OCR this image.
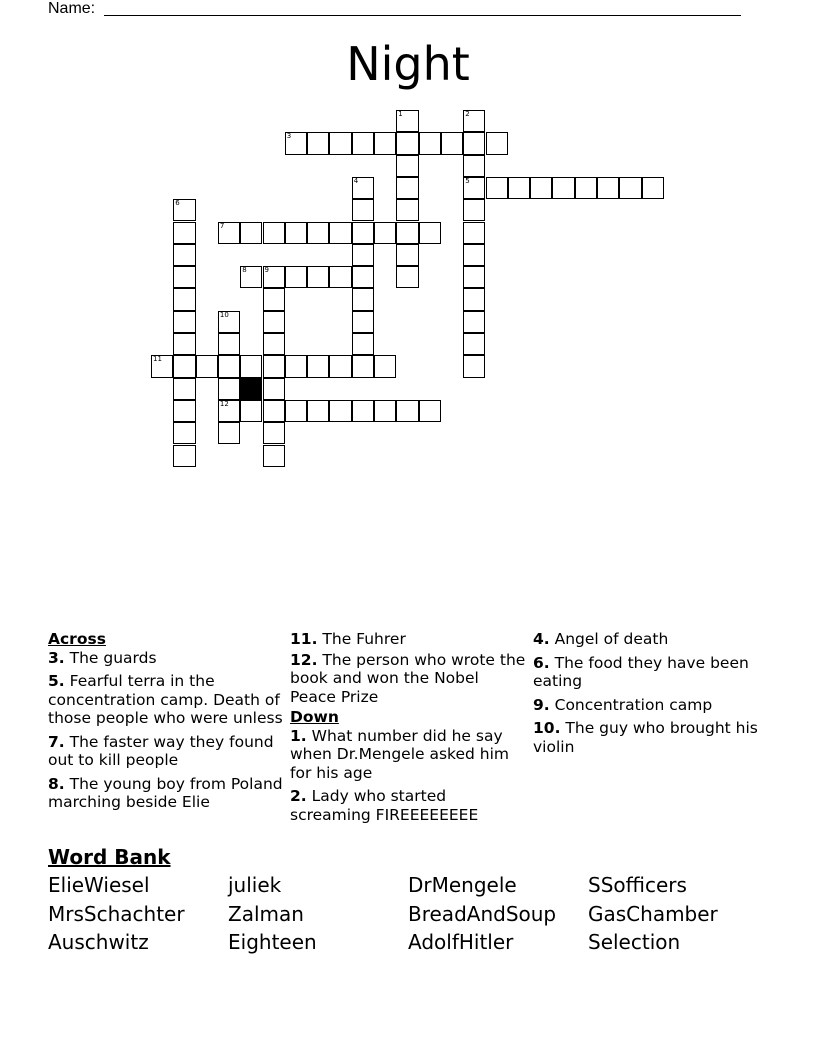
Name:
Night
1	2
5
3
4
6
7
8	9
10
12
11
Across
3. The guards
5. Fearful terra in the concentration camp. Death of those people who were unless
7. The faster way they found out to kill people
8. The young boy from Poland marching beside Elie
11. The Fuhrer
12. The person who wrote the book and won the Nobel Peace Prize
Down
1. What number did he say when Dr.Mengele asked him for his age
2. Lady who started screaming FIREEEEEEEE
4. Angel of death
6. The food they have been eating
9. Concentration camp
10. The guy who brought his violin
Word Bank
ElieWiesel	juliek	DrMengele	SSofficers
MrsSchachter	Zalman	BreadAndSoup	GasChamber
Auschwitz	Eighteen	AdolfHitler	Selection
